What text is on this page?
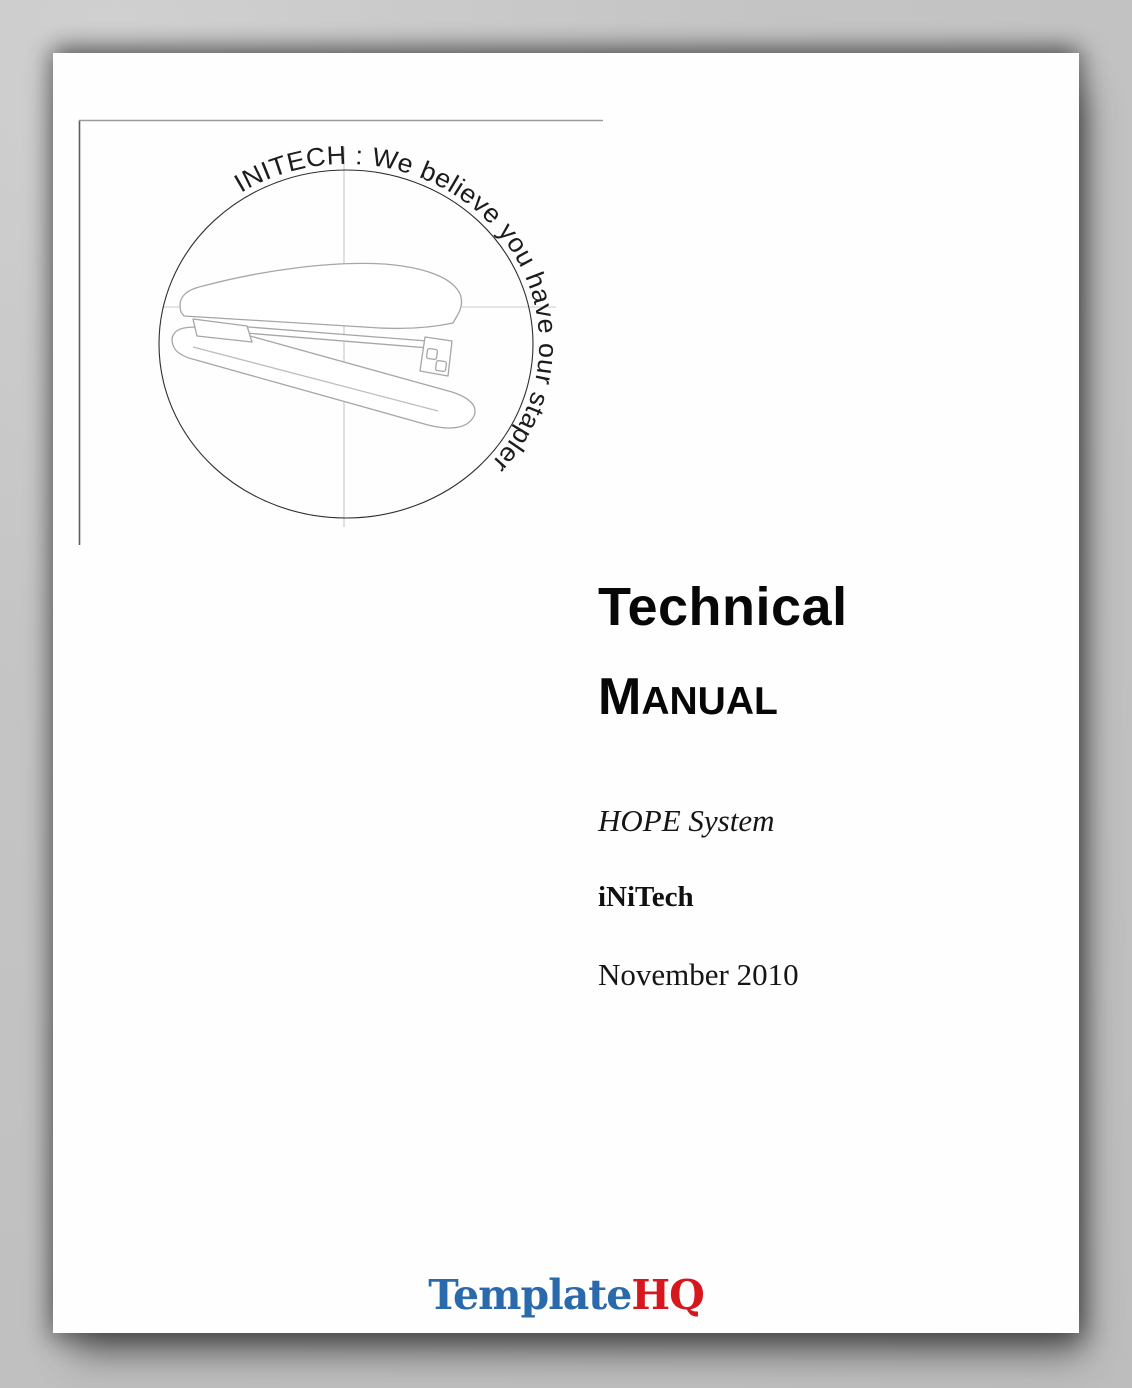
INITECH : We believe you have our stapler
Technical
MANUAL
HOPE System
iNiTech
November 2010
TemplateHQ
